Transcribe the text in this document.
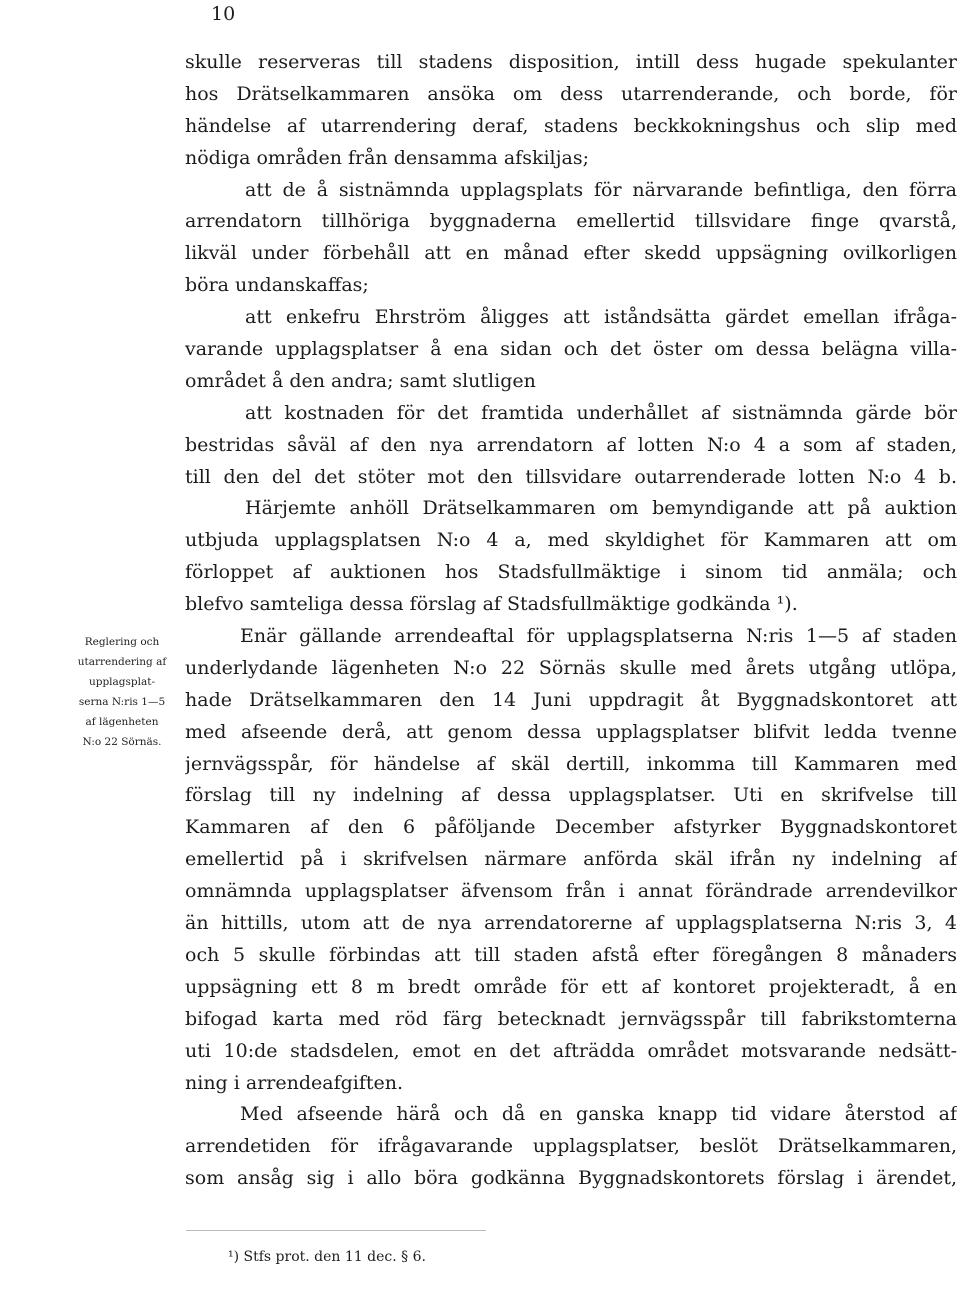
10
Reglering och
utarrendering af
upplagsplat-
serna N:ris 1—5
af lägenheten
N:o 22 Sörnäs.
skulle reserveras till stadens disposition, intill dess hugade spekulanter
hos Drätselkammaren ansöka om dess utarrenderande, och borde, för
händelse af utarrendering deraf, stadens beckkokningshus och slip med
nödiga områden från densamma afskiljas;
att de å sistnämnda upplagsplats för närvarande befintliga, den förra
arrendatorn tillhöriga byggnaderna emellertid tillsvidare finge qvarstå,
likväl under förbehåll att en månad efter skedd uppsägning ovilkorligen
böra undanskaffas;
att enkefru Ehrström åligges att iståndsätta gärdet emellan ifråga-
varande upplagsplatser å ena sidan och det öster om dessa belägna villa-
området å den andra; samt slutligen
att kostnaden för det framtida underhållet af sistnämnda gärde bör
bestridas såväl af den nya arrendatorn af lotten N:o 4 a som af staden,
till den del det stöter mot den tillsvidare outarrenderade lotten N:o 4 b.
Härjemte anhöll Drätselkammaren om bemyndigande att på auktion
utbjuda upplagsplatsen N:o 4 a, med skyldighet för Kammaren att om
förloppet af auktionen hos Stadsfullmäktige i sinom tid anmäla; och
blefvo samteliga dessa förslag af Stadsfullmäktige godkända ¹).
Enär gällande arrendeaftal för upplagsplatserna N:ris 1—5 af staden
underlydande lägenheten N:o 22 Sörnäs skulle med årets utgång utlöpa,
hade Drätselkammaren den 14 Juni uppdragit åt Byggnadskontoret att
med afseende derå, att genom dessa upplagsplatser blifvit ledda tvenne
jernvägsspår, för händelse af skäl dertill, inkomma till Kammaren med
förslag till ny indelning af dessa upplagsplatser. Uti en skrifvelse till
Kammaren af den 6 påföljande December afstyrker Byggnadskontoret
emellertid på i skrifvelsen närmare anförda skäl ifrån ny indelning af
omnämnda upplagsplatser äfvensom från i annat förändrade arrendevilkor
än hittills, utom att de nya arrendatorerne af upplagsplatserna N:ris 3, 4
och 5 skulle förbindas att till staden afstå efter föregången 8 månaders
uppsägning ett 8 m bredt område för ett af kontoret projekteradt, å en
bifogad karta med röd färg betecknadt jernvägsspår till fabrikstomterna
uti 10:de stadsdelen, emot en det afträdda området motsvarande nedsätt-
ning i arrendeafgiften.
Med afseende härå och då en ganska knapp tid vidare återstod af
arrendetiden för ifrågavarande upplagsplatser, beslöt Drätselkammaren,
som ansåg sig i allo böra godkänna Byggnadskontorets förslag i ärendet,
¹) Stfs prot. den 11 dec. § 6.
